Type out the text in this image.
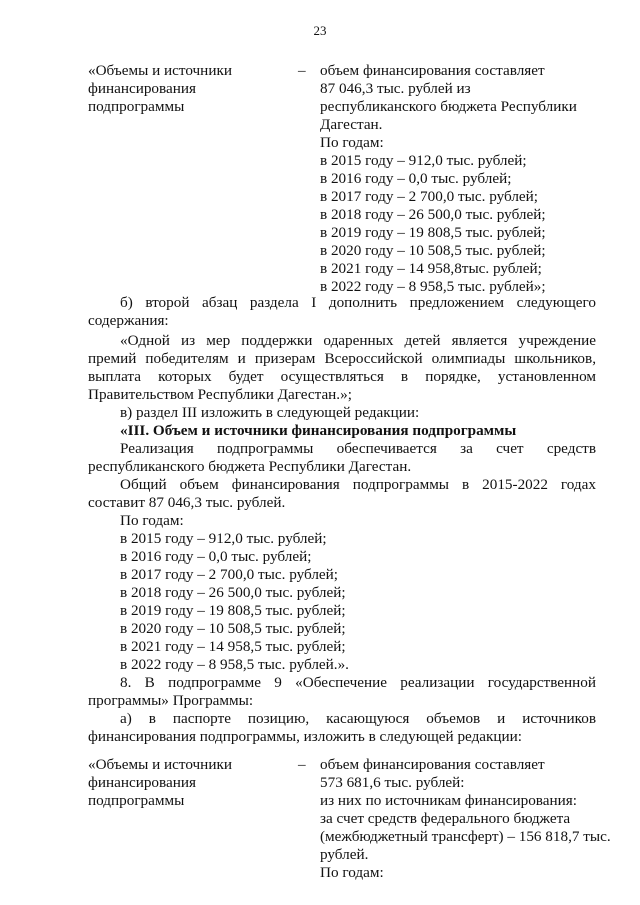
23
«Объемы и источники
финансирования
подпрограммы
– объем финансирования составляет
87 046,3 тыс. рублей из
республиканского бюджета Республики
Дагестан.
По годам:
в 2015 году – 912,0 тыс. рублей;
в 2016 году – 0,0 тыс. рублей;
в 2017 году – 2 700,0 тыс. рублей;
в 2018 году – 26 500,0 тыс. рублей;
в 2019 году – 19 808,5 тыс. рублей;
в 2020 году – 10 508,5 тыс. рублей;
в 2021 году – 14 958,8тыс. рублей;
в 2022 году – 8 958,5 тыс. рублей»;
б) второй абзац раздела I дополнить предложением следующего
содержания:
«Одной из мер поддержки одаренных детей является учреждение
премий победителям и призерам Всероссийской олимпиады школьников,
выплата которых будет осуществляться в порядке, установленном
Правительством Республики Дагестан.»;
в) раздел III изложить в следующей редакции:
«III. Объем и источники финансирования подпрограммы
Реализация подпрограммы обеспечивается за счет средств
республиканского бюджета Республики Дагестан.
Общий объем финансирования подпрограммы в 2015-2022 годах
составит 87 046,3 тыс. рублей.
По годам:
в 2015 году – 912,0 тыс. рублей;
в 2016 году – 0,0 тыс. рублей;
в 2017 году – 2 700,0 тыс. рублей;
в 2018 году – 26 500,0 тыс. рублей;
в 2019 году – 19 808,5 тыс. рублей;
в 2020 году – 10 508,5 тыс. рублей;
в 2021 году – 14 958,5 тыс. рублей;
в 2022 году – 8 958,5 тыс. рублей.».
8. В подпрограмме 9 «Обеспечение реализации государственной
программы» Программы:
а) в паспорте позицию, касающуюся объемов и источников
финансирования подпрограммы, изложить в следующей редакции:
«Объемы и источники
финансирования
подпрограммы
– объем финансирования составляет
573 681,6 тыс. рублей:
из них по источникам финансирования:
за счет средств федерального бюджета
(межбюджетный трансферт) – 156 818,7 тыс.
рублей.
По годам:
